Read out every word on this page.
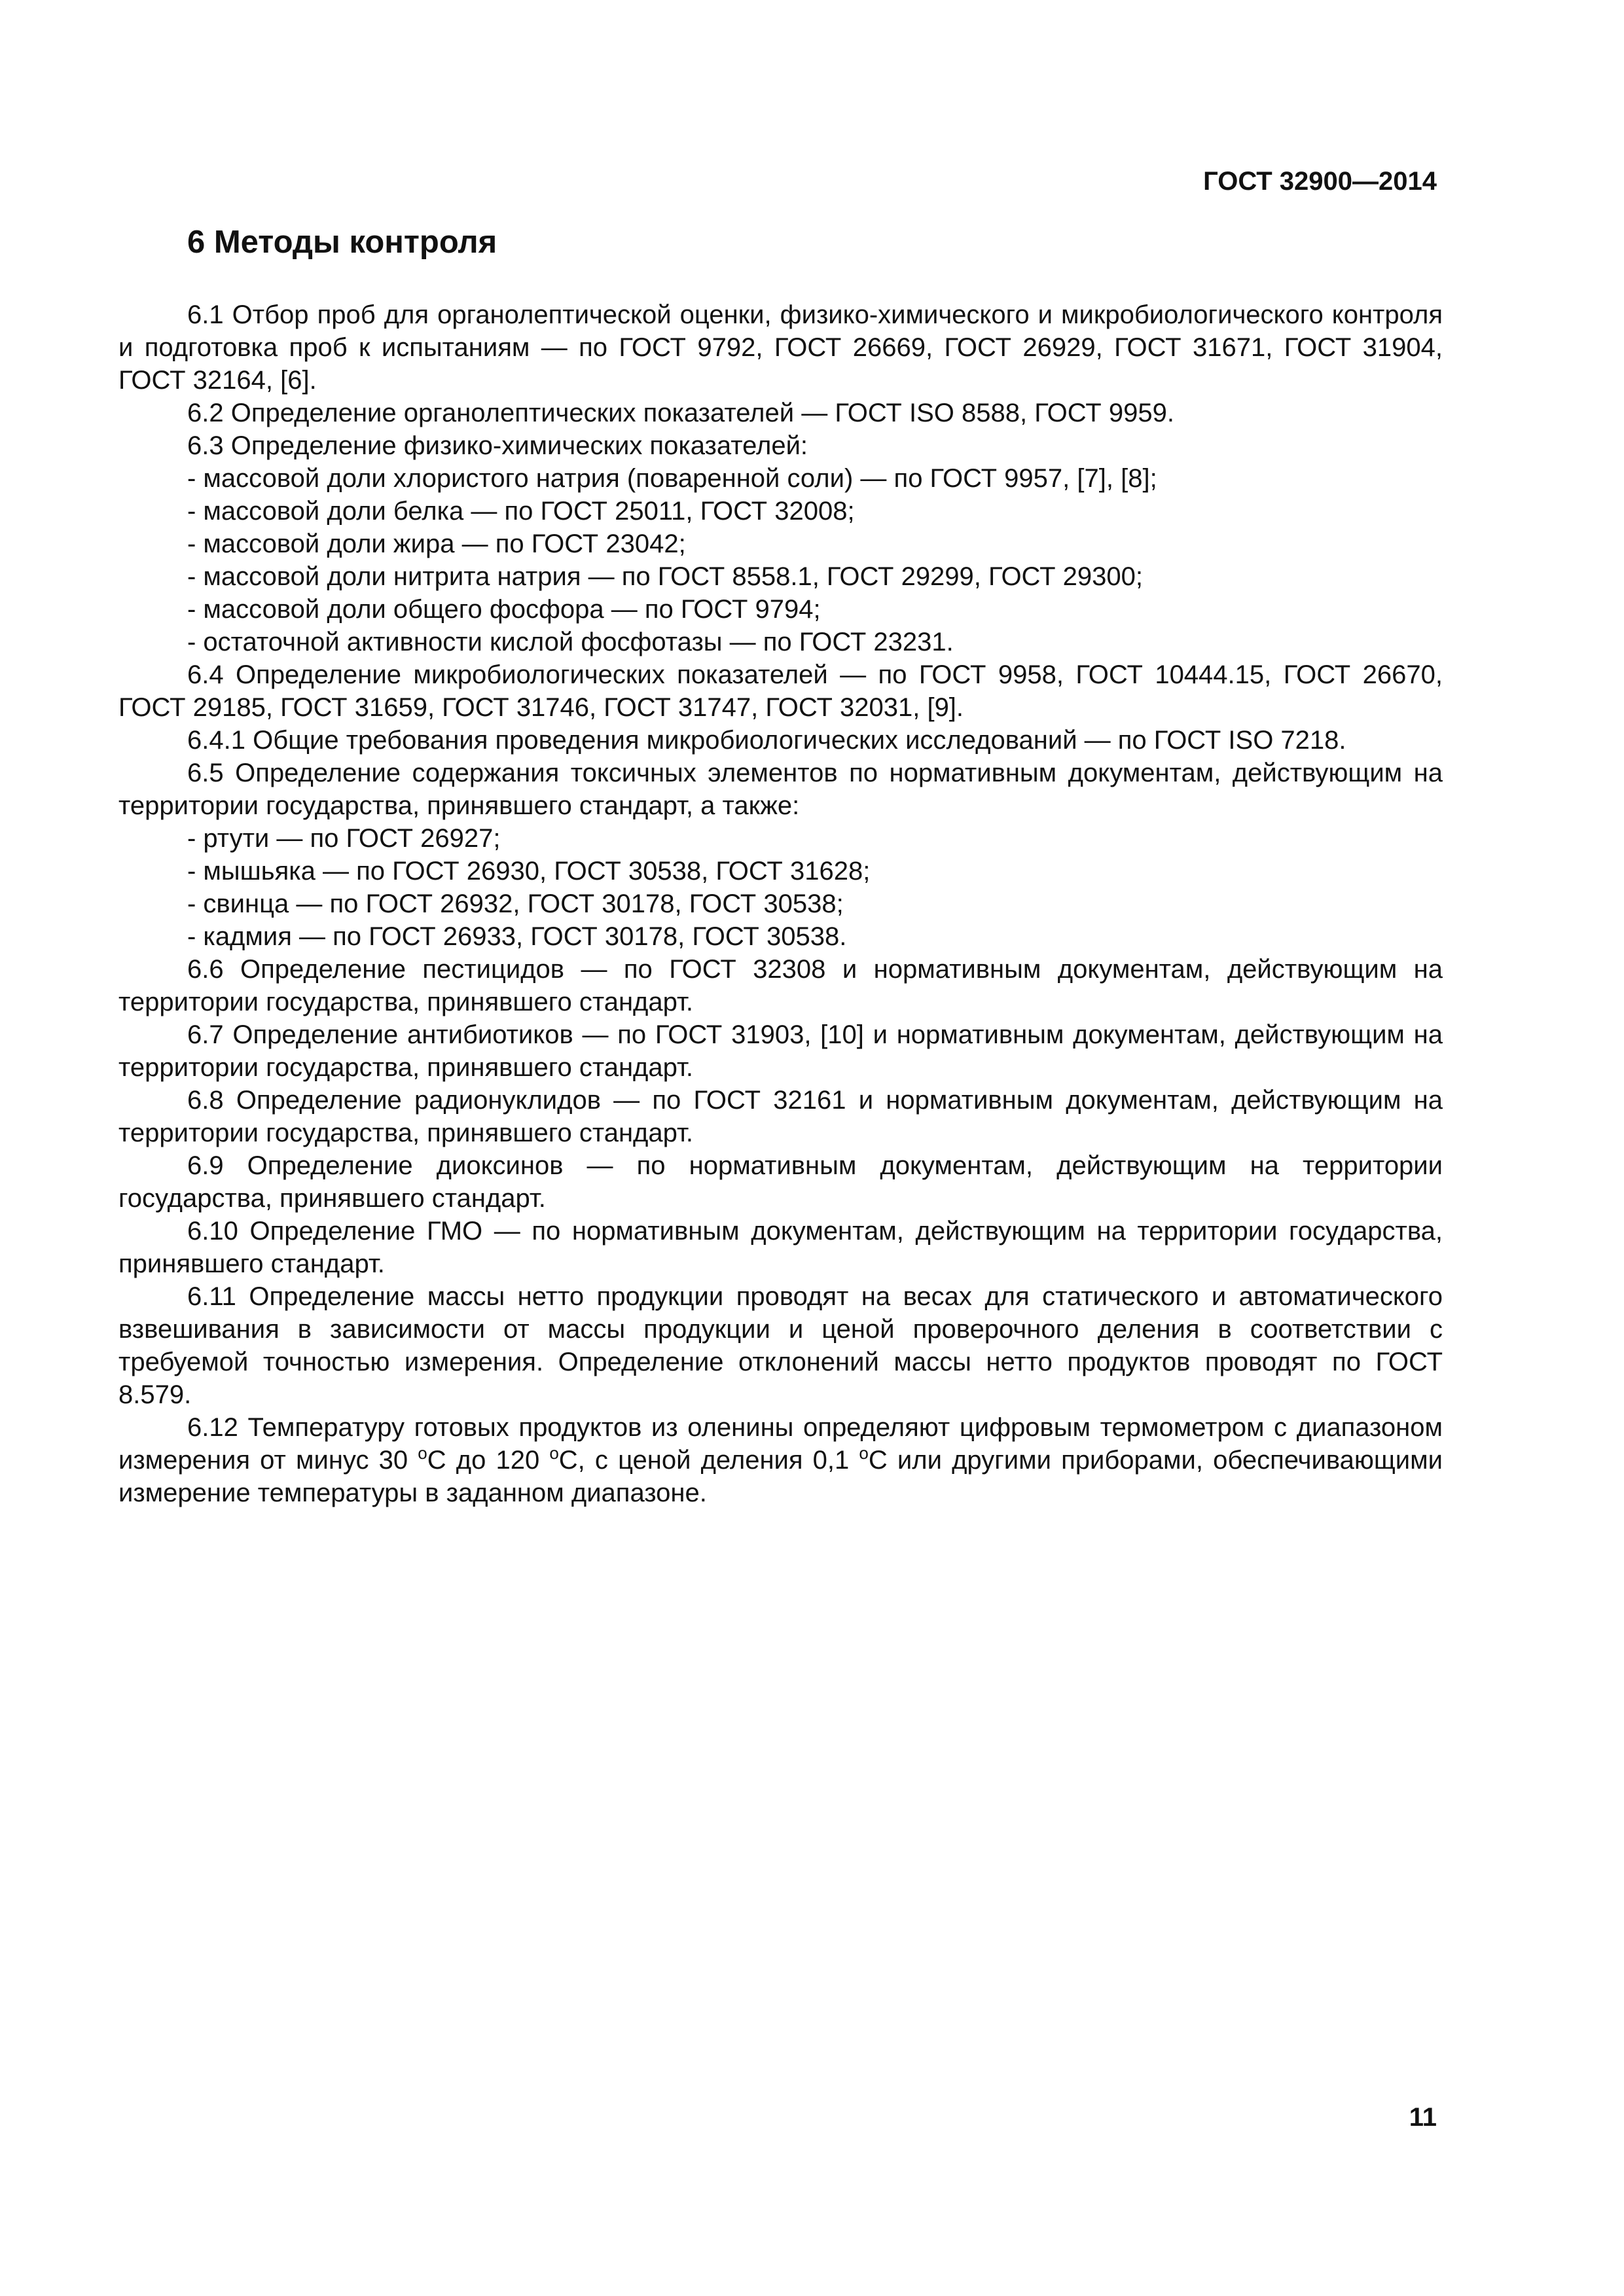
ГОСТ 32900—2014
6 Методы контроля

6.1 Отбор проб для органолептической оценки, физико-химического и микробиологического контроля и подготовка проб к испытаниям — по ГОСТ 9792, ГОСТ 26669, ГОСТ 26929, ГОСТ 31671, ГОСТ 31904, ГОСТ 32164, [6].

6.2 Определение органолептических показателей — ГОСТ ISO 8588, ГОСТ 9959.

6.3 Определение физико-химических показателей:

- массовой доли хлористого натрия (поваренной соли) — по ГОСТ 9957, [7], [8];

- массовой доли белка — по ГОСТ 25011, ГОСТ 32008;

- массовой доли жира — по ГОСТ 23042;

- массовой доли нитрита натрия — по ГОСТ 8558.1, ГОСТ 29299, ГОСТ 29300;

- массовой доли общего фосфора — по ГОСТ 9794;

- остаточной активности кислой фосфотазы — по ГОСТ 23231.

6.4 Определение микробиологических показателей — по ГОСТ 9958, ГОСТ 10444.15, ГОСТ 26670, ГОСТ 29185, ГОСТ 31659, ГОСТ 31746, ГОСТ 31747, ГОСТ 32031, [9].

6.4.1 Общие требования проведения микробиологических исследований — по ГОСТ ISO 7218.

6.5 Определение содержания токсичных элементов по нормативным документам, действующим на территории государства, принявшего стандарт, а также:

- ртути — по ГОСТ 26927;

- мышьяка — по ГОСТ 26930, ГОСТ 30538, ГОСТ 31628;

- свинца — по ГОСТ 26932, ГОСТ 30178, ГОСТ 30538;

- кадмия — по ГОСТ 26933, ГОСТ 30178, ГОСТ 30538.

6.6 Определение пестицидов — по ГОСТ 32308 и нормативным документам, действующим на территории государства, принявшего стандарт.

6.7 Определение антибиотиков — по ГОСТ 31903, [10] и нормативным документам, действующим на территории государства, принявшего стандарт.

6.8 Определение радионуклидов — по ГОСТ 32161 и нормативным документам, действующим на территории государства, принявшего стандарт.

6.9 Определение диоксинов — по нормативным документам, действующим на территории государства, принявшего стандарт.

6.10 Определение ГМО — по нормативным документам, действующим на территории государства, принявшего стандарт.

6.11 Определение массы нетто продукции проводят на весах для статического и автоматического взвешивания в зависимости от массы продукции и ценой проверочного деления в соответствии с требуемой точностью измерения. Определение отклонений массы нетто продуктов проводят по ГОСТ 8.579.

6.12 Температуру готовых продуктов из оленины определяют цифровым термометром с диапазоном измерения от минус 30 $^о$С до 120 $^о$С, с ценой деления 0,1 $^о$С или другими приборами, обеспечивающими измерение температуры в заданном диапазоне.

11
